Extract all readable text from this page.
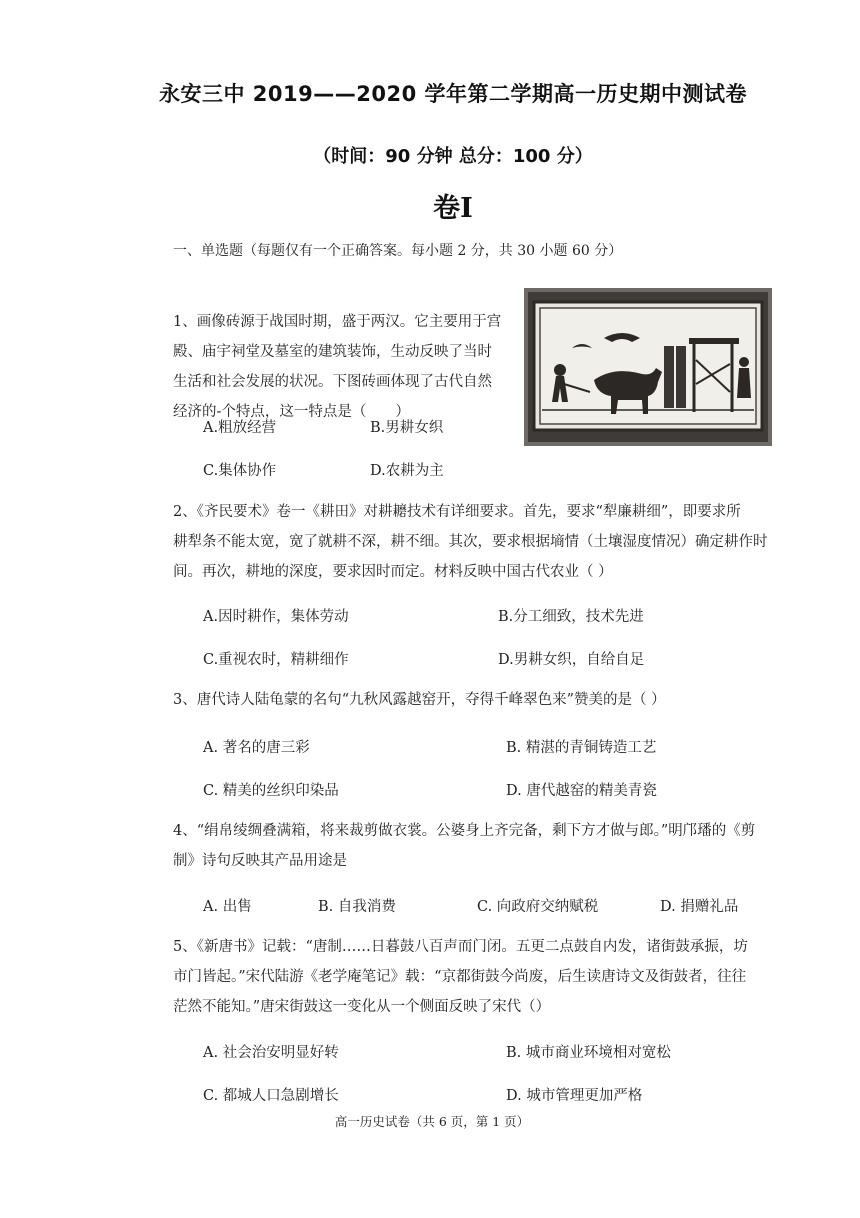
永安三中 2019——2020 学年第二学期高一历史期中测试卷
（时间：90 分钟 总分：100 分）
卷Ⅰ
一、单选题（每题仅有一个正确答案。每小题 2 分，共 30 小题 60 分）
1、画像砖源于战国时期，盛于两汉。它主要用于宫
殿、庙宇祠堂及墓室的建筑装饰，生动反映了当时
生活和社会发展的状况。下图砖画体现了古代自然
经济的-个特点，这一特点是（　　）
A.粗放经营	B.男耕女织
C.集体协作	D.农耕为主
2、《齐民要术》卷一《耕田》对耕耱技术有详细要求。首先，要求“犁廉耕细”，即要求所
耕犁条不能太宽，宽了就耕不深，耕不细。其次，要求根据墒情（土壤湿度情况）确定耕作时
间。再次，耕地的深度，要求因时而定。材料反映中国古代农业（ ）
A.因时耕作，集体劳动	B.分工细致，技术先进
C.重视农时，精耕细作	D.男耕女织，自给自足
3、唐代诗人陆龟蒙的名句“九秋风露越窑开，夺得千峰翠色来”赞美的是（ ）
A. 著名的唐三彩	B. 精湛的青铜铸造工艺
C. 精美的丝织印染品	D. 唐代越窑的精美青瓷
4、“绢帛绫绸叠满箱，将来裁剪做衣裳。公婆身上齐完备，剩下方才做与郎。”明邝璠的《剪
制》诗句反映其产品用途是
A. 出售	B. 自我消费	C. 向政府交纳赋税	D. 捐赠礼品
5、《新唐书》记载：“唐制……日暮鼓八百声而门闭。五更二点鼓自内发，诸街鼓承振，坊
市门皆起。”宋代陆游《老学庵笔记》载：“京都街鼓今尚废，后生读唐诗文及街鼓者，往往
茫然不能知。”唐宋街鼓这一变化从一个侧面反映了宋代（）
A. 社会治安明显好转	B. 城市商业环境相对宽松
C. 都城人口急剧增长	D. 城市管理更加严格
高一历史试卷（共 6 页，第 1 页）
